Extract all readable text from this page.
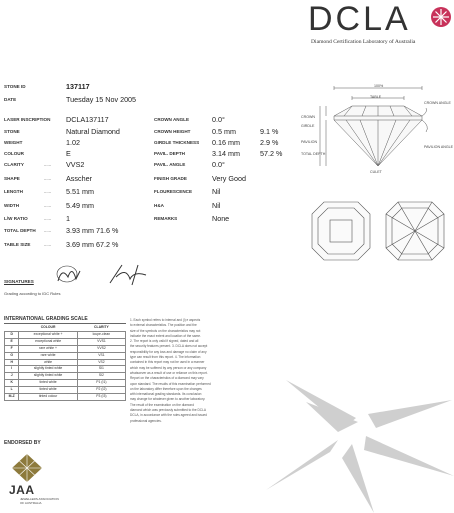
DCLA
Diamond Certification Laboratory of Australia
STONE ID	137117
DATE	Tuesday 15 Nov 2005
LASER INSCRIPTION DCLA137117
STONE	Natural Diamond
WEIGHT	1.02
COLOUR	E
CLARITY	...... VVS2
SHAPE	...... Asscher
LENGTH	...... 5.51 mm
WIDTH	...... 5.49 mm
L/W RATIO	...... 1
TOTAL DEPTH ...... 3.93 mm 71.6 %
TABLE SIZE	...... 3.69 mm 67.2 %
CROWN ANGLE	0.0°
CROWN HEIGHT	0.5 mm	9.1 %
GIRDLE THICKNESS 0.16 mm	2.9 %
PAVIL. DEPTH	3.14 mm	57.2 %
PAVIL. ANGLE	0.0°
FINISH GRADE	Very Good
FLOURESCENCE	Nil
H&A	Nil
REMARKS	None
100%
TABLE
CROWN ANGLE
PAVILION ANGLE
CROWN
GIRDLE
PAVILION
TOTAL DEPTH
CULET
SIGNATURES
Grading according to IDC Rules
INTERNATIONAL GRADING SCALE
	COLOUR	CLARITY
D	exceptional white +	loupe-clean
E	exceptional white	VVS1
F	rare white +	VVS2
G	rare white	VS1
H	white	VS2
I	slightly tinted white	SI1
J	slightly tinted white	SI2
K	tinted white	P1 (I1)
L	tinted white	P2 (I2)
M-Z	tinted colour	P3 (I3)
1. Each symbol refers to internal and (i) e aspects
to external characteristics. The position and the
size of the symbols on the characteristics may not
indicate the exact extent and location of the same.
2. The report is only valid if signed, dated and all
the security features present. 3. DCLA does not accept
responsibility for any loss and damage no claim of any
type can result from this report. 4. The information
contained in this report may not be used in a manner
which may be suffered by any person or any company
whatsoever as a result of use or reliance on this report.
Report on the characteristics of a diamond may vary
upon standard. The results of this examination performed
on the laboratory differ therefore upon the changes
with international grading standards. Its conclusion
may change for whatever given to another laboratory.
The result of the examination on the diamond
diamond which was previously submitted to the DCLA
DCLA, in accordance with the rules agreed and issued
professional agencies.
ENDORSED BY
JAA
JEWELLERS ASSOCIATION OF AUSTRALIA
